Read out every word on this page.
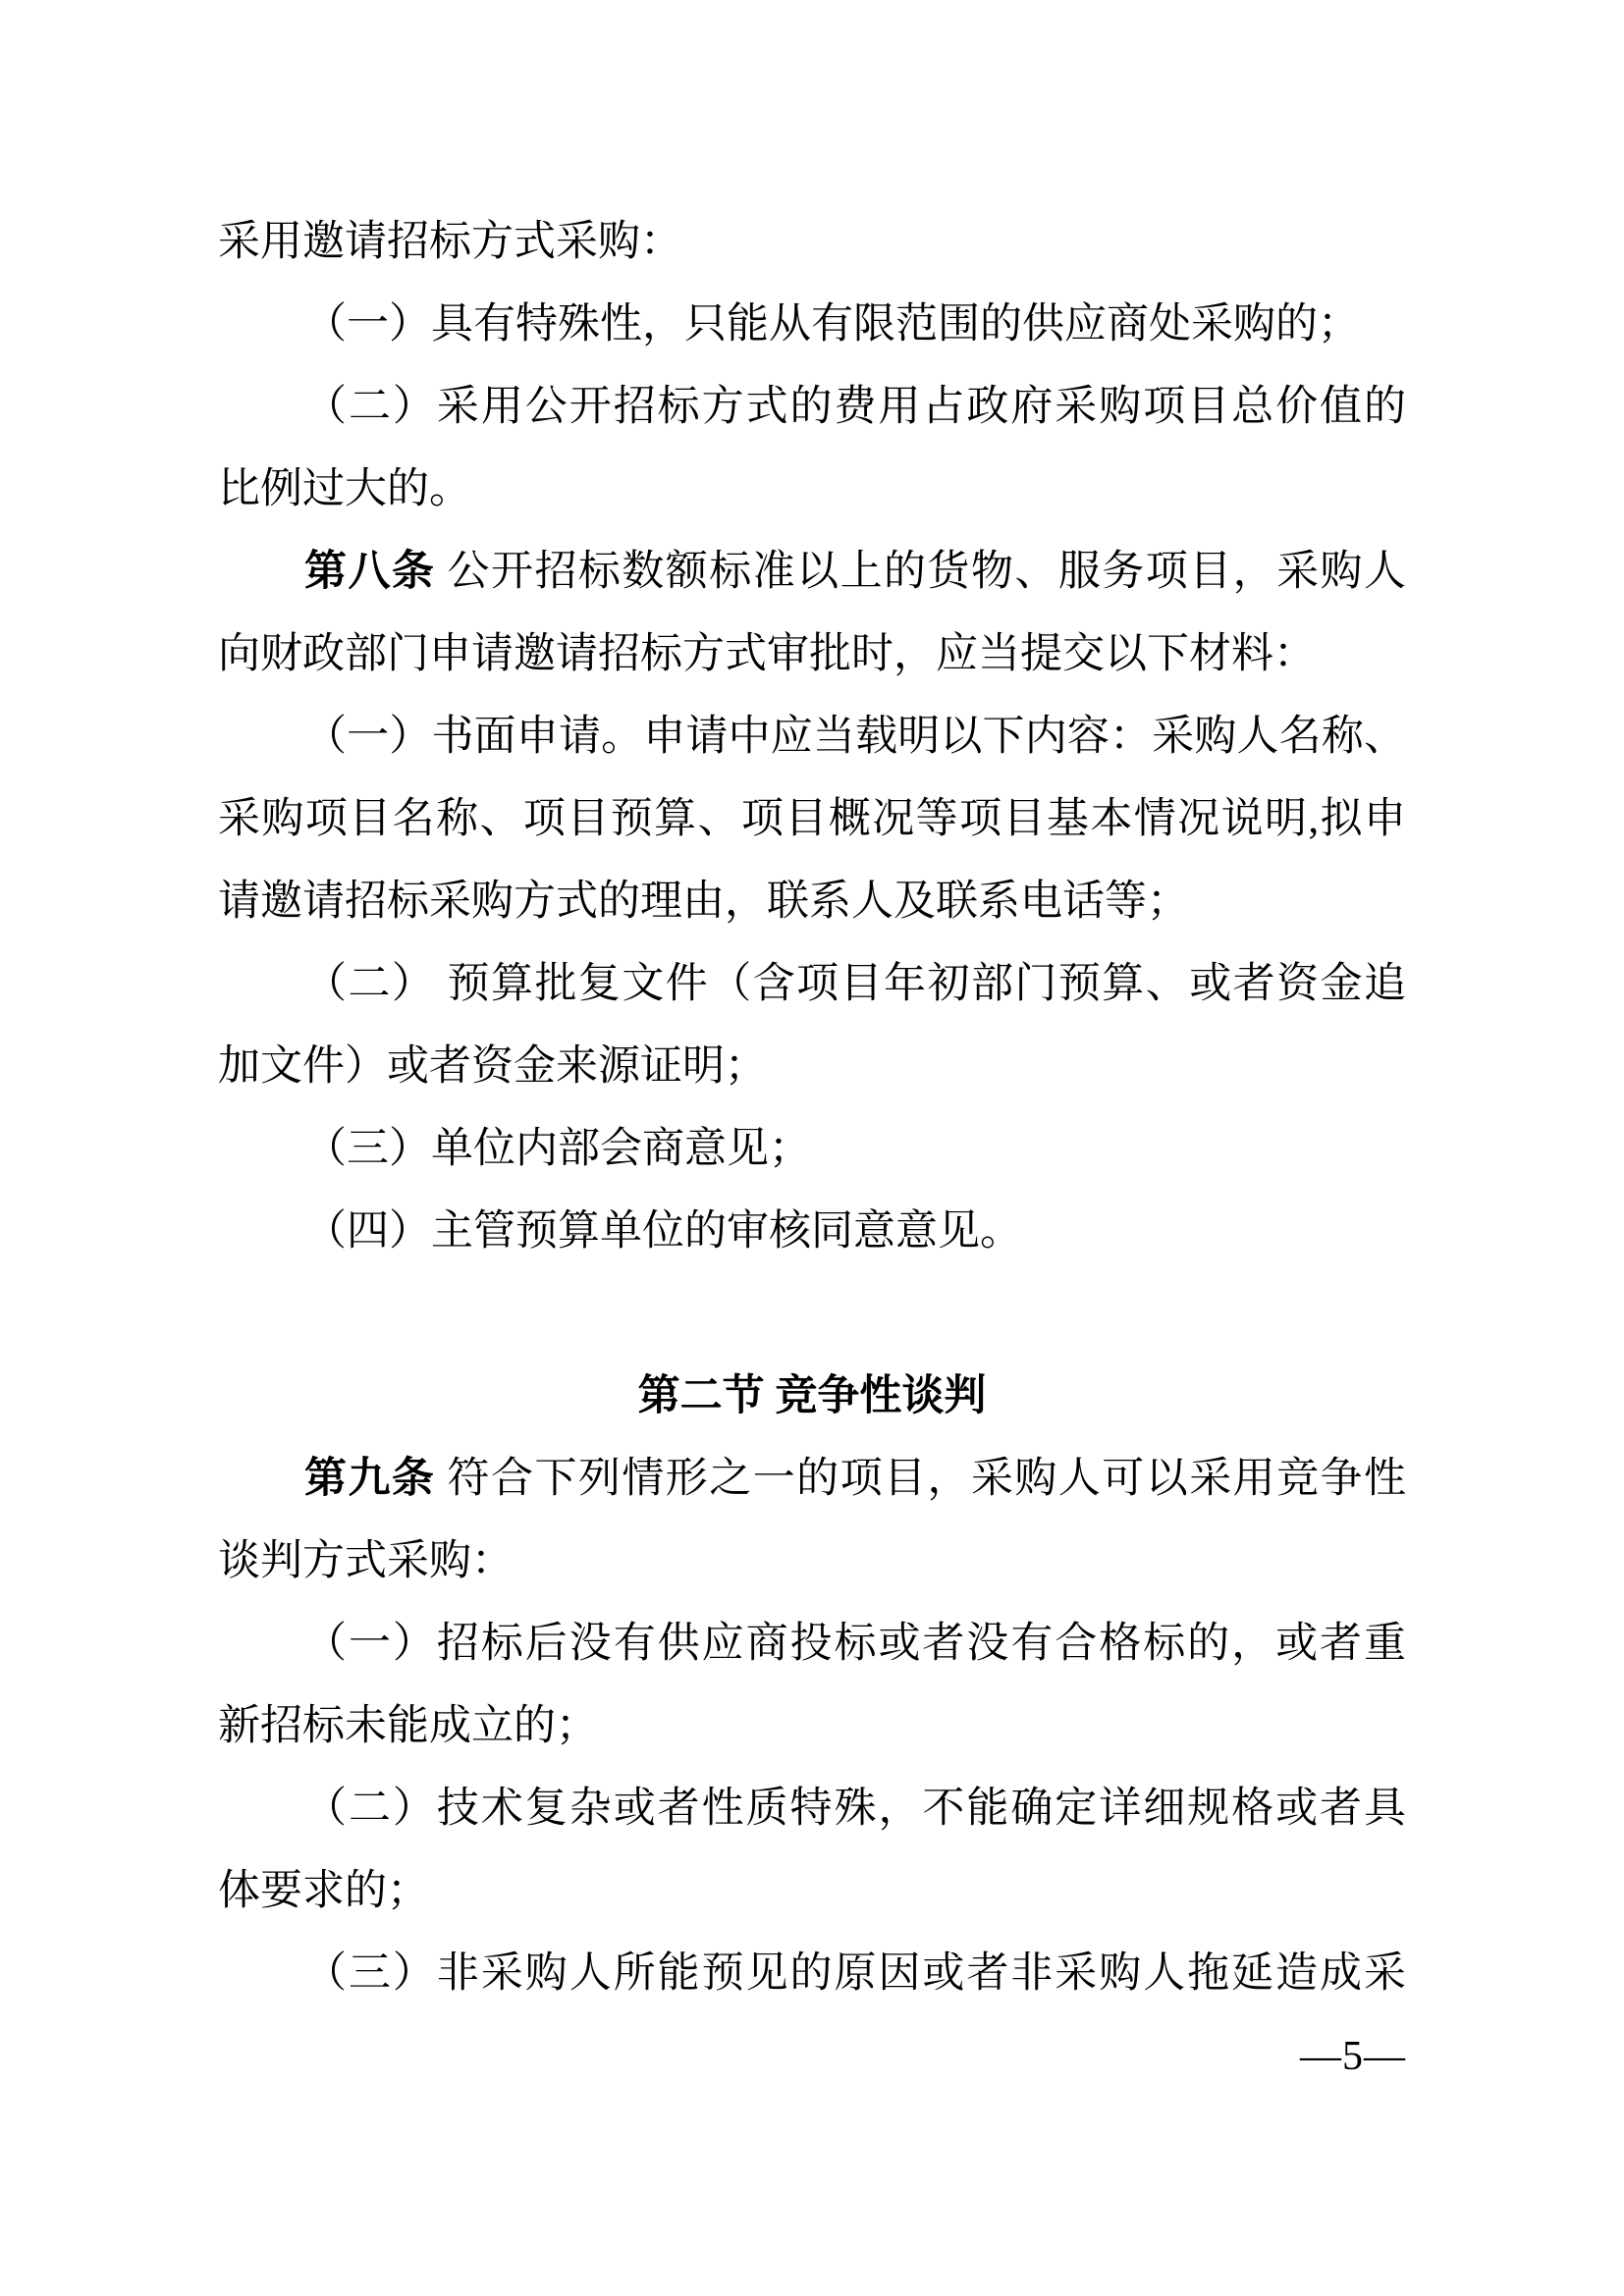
采用邀请招标方式采购：
（一）具有特殊性，只能从有限范围的供应商处采购的；
（二）采用公开招标方式的费用占政府采购项目总价值的
比例过大的。
第八条 公开招标数额标准以上的货物、服务项目，采购人
向财政部门申请邀请招标方式审批时，应当提交以下材料：
（一）书面申请。申请中应当载明以下内容：采购人名称、
采购项目名称、项目预算、项目概况等项目基本情况说明,拟申
请邀请招标采购方式的理由，联系人及联系电话等；
（二） 预算批复文件（含项目年初部门预算、或者资金追
加文件）或者资金来源证明；
（三）单位内部会商意见；
（四）主管预算单位的审核同意意见。
第二节 竞争性谈判
第九条 符合下列情形之一的项目，采购人可以采用竞争性
谈判方式采购：
（一）招标后没有供应商投标或者没有合格标的，或者重
新招标未能成立的；
（二）技术复杂或者性质特殊，不能确定详细规格或者具
体要求的；
（三）非采购人所能预见的原因或者非采购人拖延造成采
—5—
